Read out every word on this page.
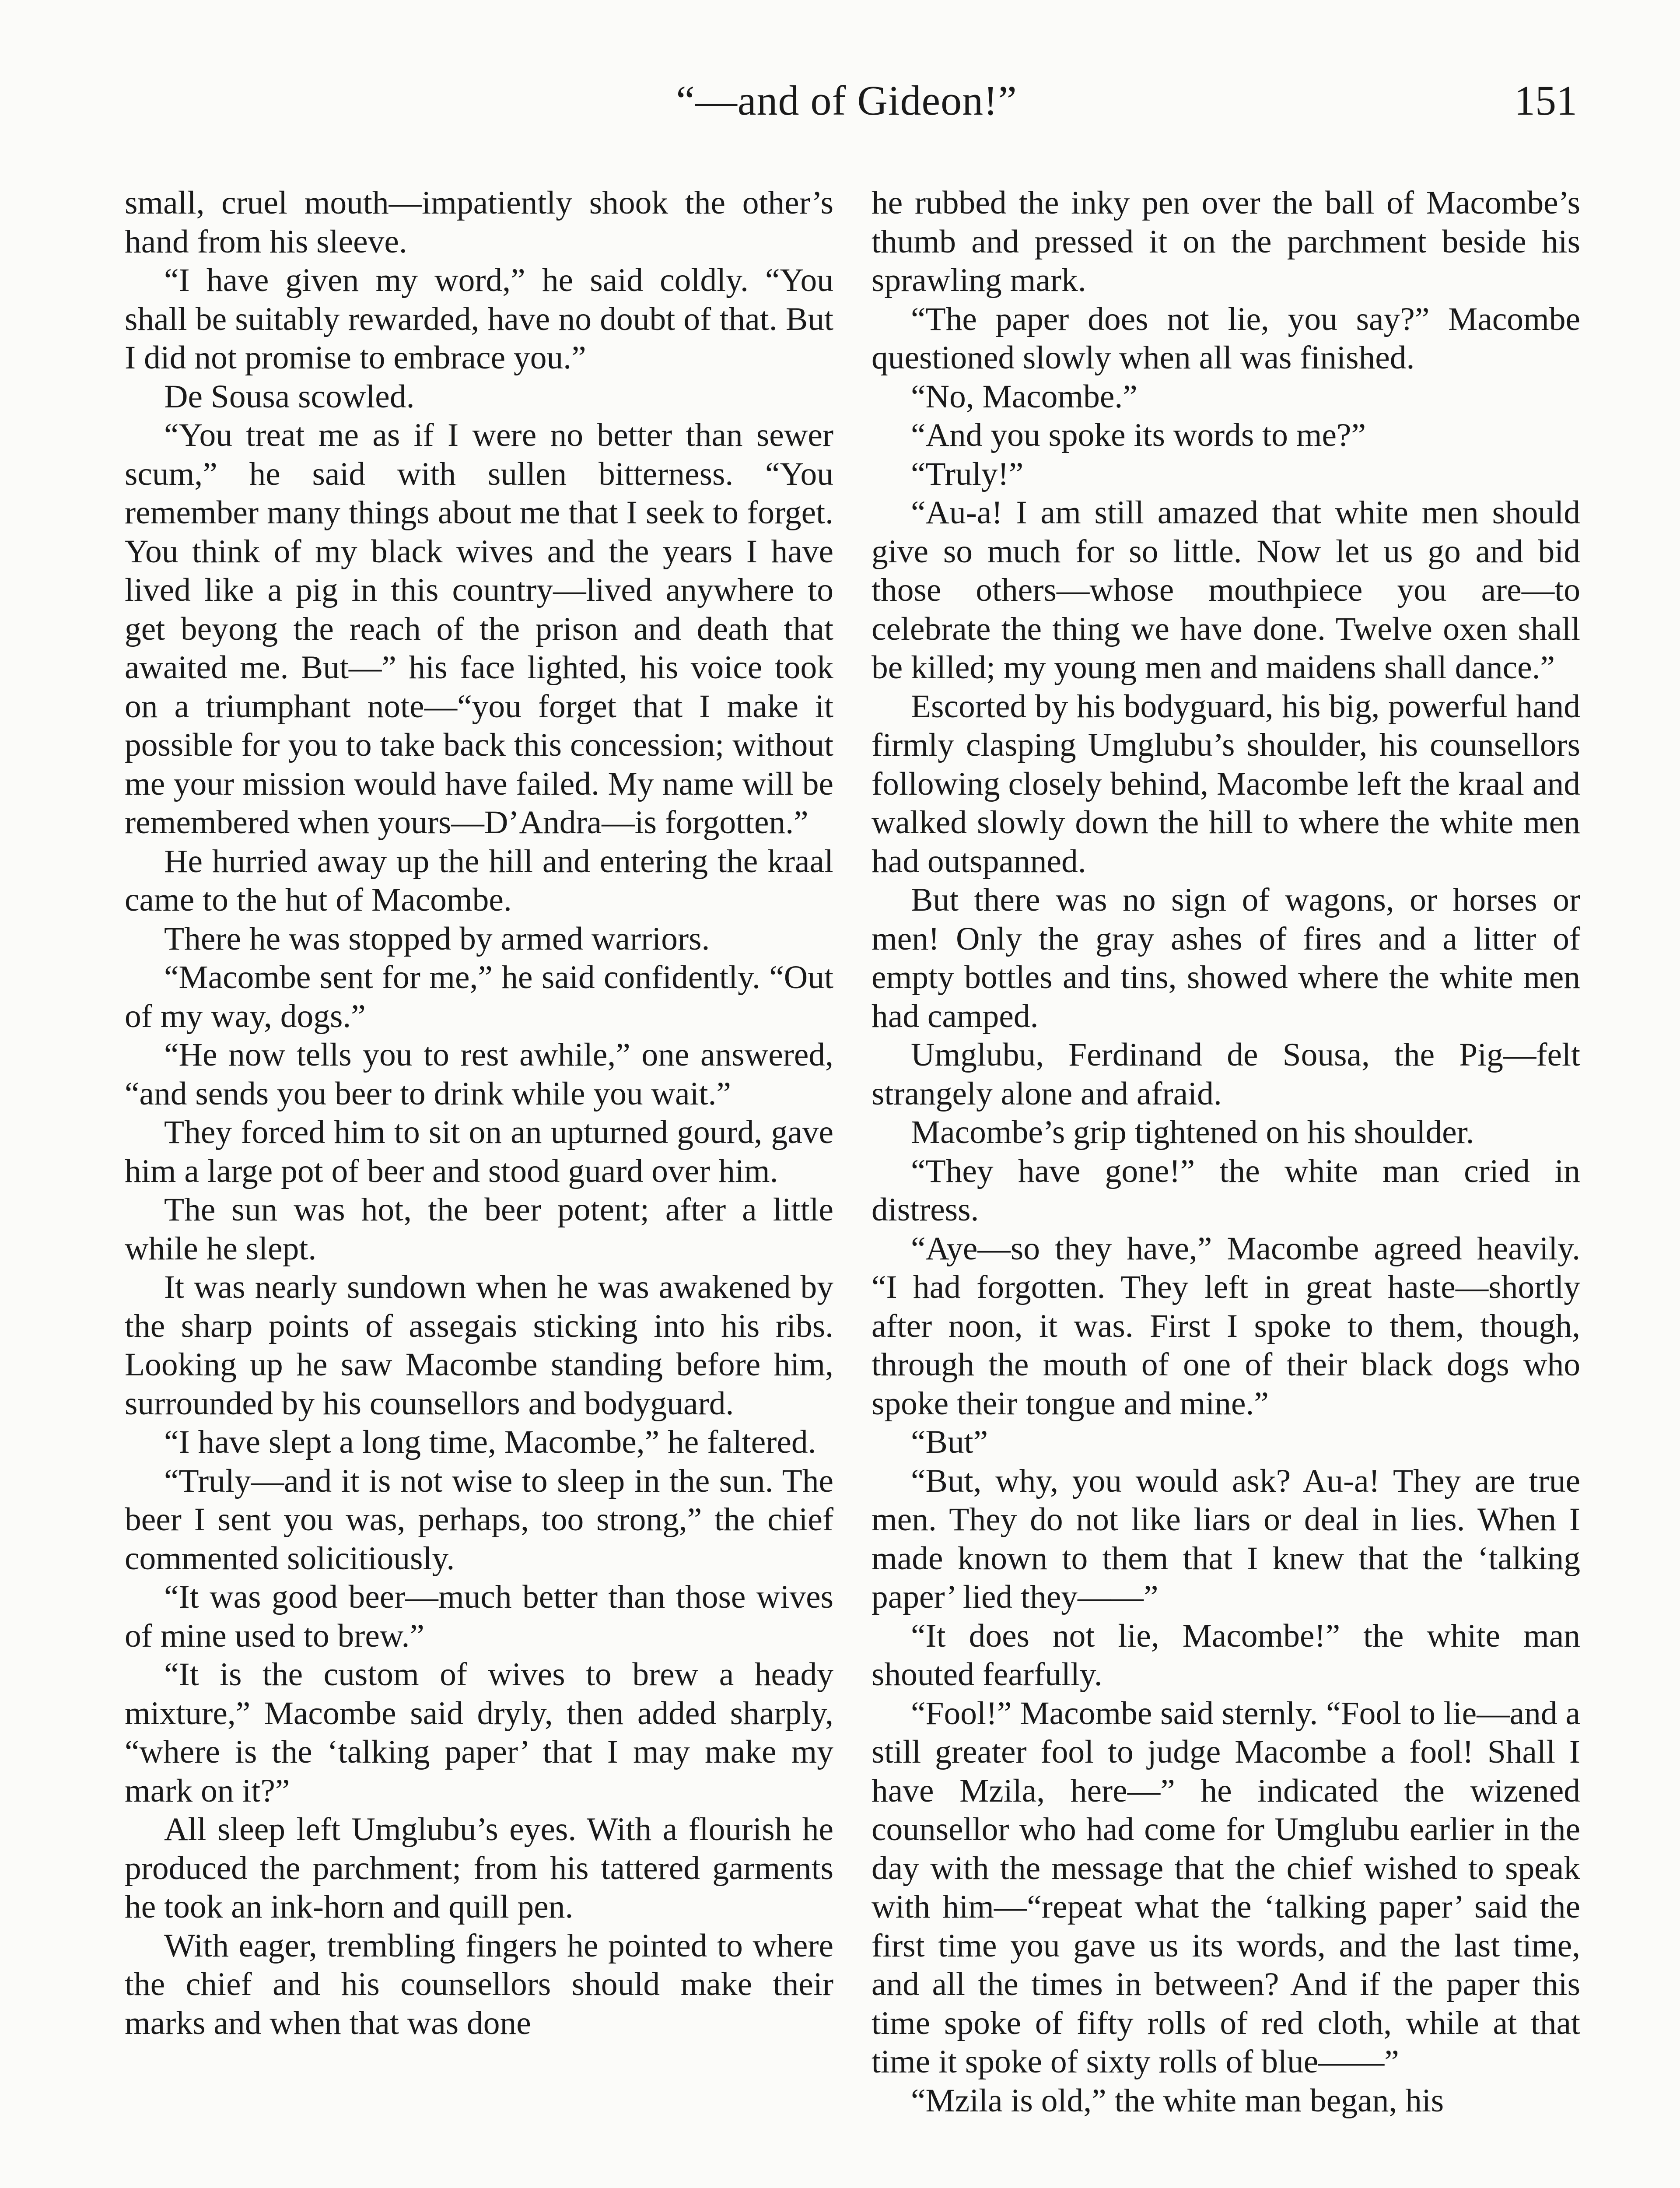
“—and of Gideon!”	151

small, cruel mouth—impatiently shook the other’s hand from his sleeve.

“I have given my word,” he said coldly. “You shall be suitably rewarded, have no doubt of that. But I did not promise to embrace you.”

De Sousa scowled.

“You treat me as if I were no better than sewer scum,” he said with sullen bitterness. “You remember many things about me that I seek to forget. You think of my black wives and the years I have lived like a pig in this country—lived anywhere to get beyong the reach of the prison and death that awaited me. But—” his face lighted, his voice took on a triumphant note—“you forget that I make it possible for you to take back this concession; without me your mission would have failed. My name will be remembered when yours—D’Andra—is forgotten.”

He hurried away up the hill and entering the kraal came to the hut of Macombe.

There he was stopped by armed warriors.

“Macombe sent for me,” he said confidently. “Out of my way, dogs.”

“He now tells you to rest awhile,” one answered, “and sends you beer to drink while you wait.”

They forced him to sit on an upturned gourd, gave him a large pot of beer and stood guard over him.

The sun was hot, the beer potent; after a little while he slept.

It was nearly sundown when he was awakened by the sharp points of assegais sticking into his ribs. Looking up he saw Macombe standing before him, surrounded by his counsellors and bodyguard.

“I have slept a long time, Macombe,” he faltered.

“Truly—and it is not wise to sleep in the sun. The beer I sent you was, perhaps, too strong,” the chief commented solicitiously.

“It was good beer—much better than those wives of mine used to brew.”

“It is the custom of wives to brew a heady mixture,” Macombe said dryly, then added sharply, “where is the ‘talking paper’ that I may make my mark on it?”

All sleep left Umglubu’s eyes. With a flourish he produced the parchment; from his tattered garments he took an ink-horn and quill pen.

With eager, trembling fingers he pointed to where the chief and his counsellors should make their marks and when that was done

he rubbed the inky pen over the ball of Macombe’s thumb and pressed it on the parchment beside his sprawling mark.

“The paper does not lie, you say?” Macombe questioned slowly when all was finished.

“No, Macombe.”

“And you spoke its words to me?”

“Truly!”

“Au-a! I am still amazed that white men should give so much for so little. Now let us go and bid those others—whose mouthpiece you are—to celebrate the thing we have done. Twelve oxen shall be killed; my young men and maidens shall dance.”

Escorted by his bodyguard, his big, powerful hand firmly clasping Umglubu’s shoulder, his counsellors following closely behind, Macombe left the kraal and walked slowly down the hill to where the white men had outspanned.

But there was no sign of wagons, or horses or men! Only the gray ashes of fires and a litter of empty bottles and tins, showed where the white men had camped.

Umglubu, Ferdinand de Sousa, the Pig—felt strangely alone and afraid.

Macombe’s grip tightened on his shoulder.

“They have gone!” the white man cried in distress.

“Aye—so they have,” Macombe agreed heavily. “I had forgotten. They left in great haste—shortly after noon, it was. First I spoke to them, though, through the mouth of one of their black dogs who spoke their tongue and mine.”

“But”

“But, why, you would ask? Au-a! They are true men. They do not like liars or deal in lies. When I made known to them that I knew that the ‘talking paper’ lied they——”

“It does not lie, Macombe!” the white man shouted fearfully.

“Fool!” Macombe said sternly. “Fool to lie—and a still greater fool to judge Macombe a fool! Shall I have Mzila, here—” he indicated the wizened counsellor who had come for Umglubu earlier in the day with the message that the chief wished to speak with him—“repeat what the ‘talking paper’ said the first time you gave us its words, and the last time, and all the times in between? And if the paper this time spoke of fifty rolls of red cloth, while at that time it spoke of sixty rolls of blue——”

“Mzila is old,” the white man began, his
